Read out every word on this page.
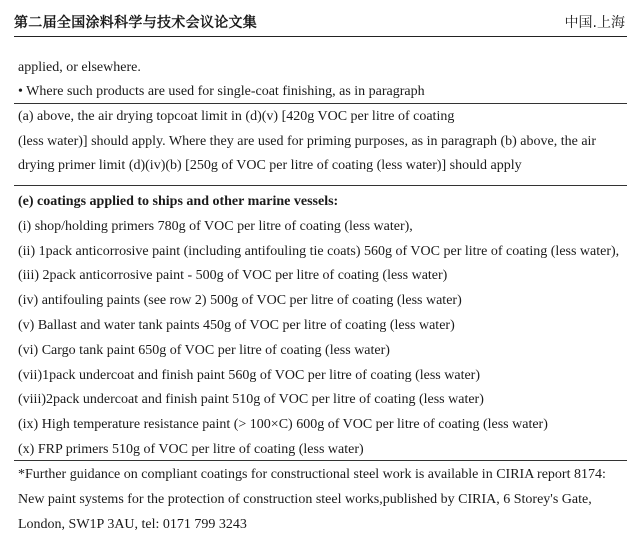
第二届全国涂料科学与技术会议论文集	中国.上海
applied, or elsewhere.
• Where such products are used for single-coat finishing, as in paragraph
(a) above, the air drying topcoat limit in (d)(v) [420g VOC per litre of coating
(less water)] should apply. Where they are used for priming purposes, as in paragraph (b) above, the air
drying primer limit (d)(iv)(b) [250g of VOC per litre of coating (less water)] should apply
(e) coatings applied to ships and other marine vessels:
(i) shop/holding primers 780g of VOC per litre of coating (less water),
(ii) 1pack anticorrosive paint (including antifouling tie coats) 560g of VOC per litre of coating (less water),
(iii) 2pack anticorrosive paint - 500g of VOC per litre of coating (less water)
(iv) antifouling paints (see row 2) 500g of VOC per litre of coating (less water)
(v) Ballast and water tank paints 450g of VOC per litre of coating (less water)
(vi) Cargo tank paint 650g of VOC per litre of coating (less water)
(vii)1pack undercoat and finish paint 560g of VOC per litre of coating (less water)
(viii)2pack undercoat and finish paint 510g of VOC per litre of coating (less water)
(ix) High temperature resistance paint (> 100×C) 600g of VOC per litre of coating (less water)
(x) FRP primers 510g of VOC per litre of coating (less water)
*Further guidance on compliant coatings for constructional steel work is available in CIRIA report 8174:
New paint systems for the protection of construction steel works,published by CIRIA, 6 Storey's Gate,
London, SW1P 3AU, tel: 0171 799 3243
